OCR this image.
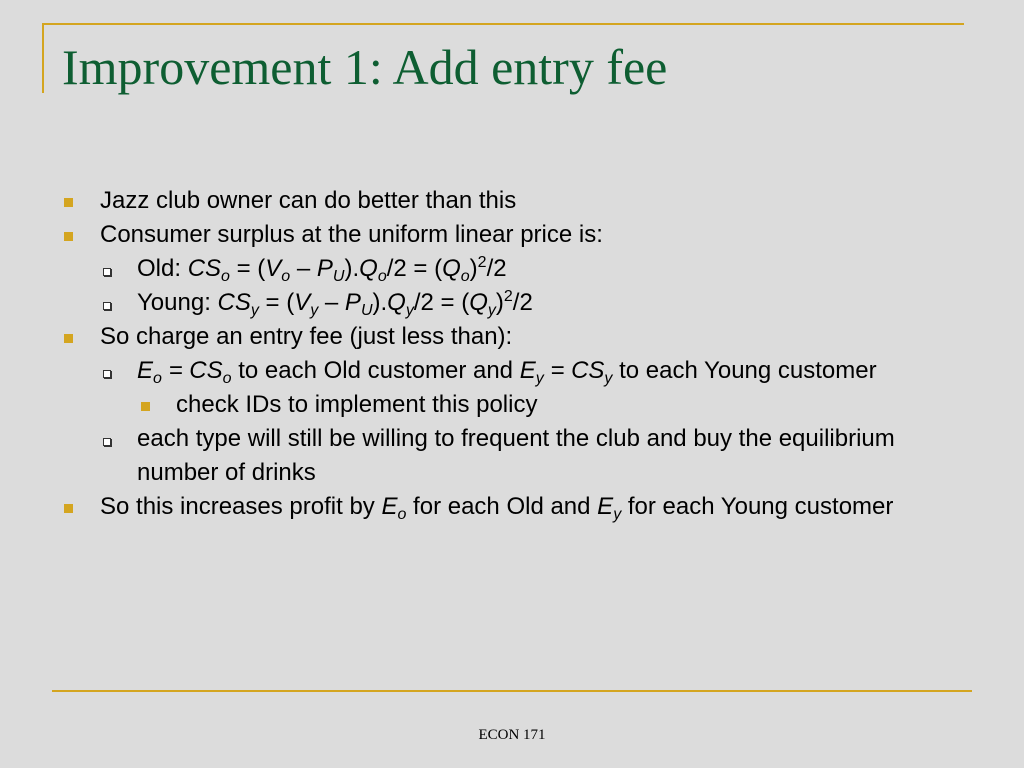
Improvement 1: Add entry fee
Jazz club owner can do better than this
Consumer surplus at the uniform linear price is:
Old: $CS_o = (V_o - P_U).Q_o/2 = (Q_o)^2/2$
Young: $CS_y = (V_y - P_U).Q_y/2 = (Q_y)^2/2$
So charge an entry fee (just less than):
$E_o = CS_o$ to each Old customer and $E_y = CS_y$ to each Young customer
check IDs to implement this policy
each type will still be willing to frequent the club and buy the equilibrium number of drinks
So this increases profit by $E_o$ for each Old and $E_y$ for each Young customer
ECON 171
